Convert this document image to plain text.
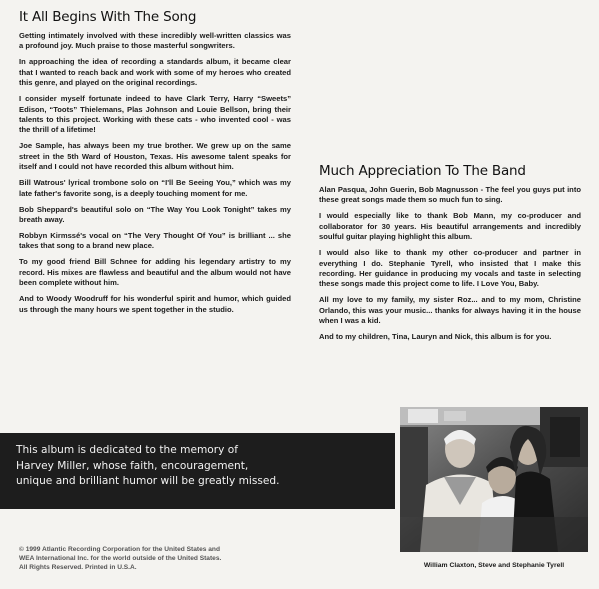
It All Begins With The Song

Getting intimately involved with these incredibly well-written classics was a profound joy. Much praise to those masterful songwriters.

In approaching the idea of recording a standards album, it became clear that I wanted to reach back and work with some of my heroes who created this genre, and played on the original recordings.

I consider myself fortunate indeed to have Clark Terry, Harry “Sweets” Edison, “Toots” Thielemans, Plas Johnson and Louie Bellson, bring their talents to this project. Working with these cats - who invented cool - was the thrill of a lifetime!

Joe Sample, has always been my true brother. We grew up on the same street in the 5th Ward of Houston, Texas. His awesome talent speaks for itself and I could not have recorded this album without him.

Bill Watrous' lyrical trombone solo on “I'll Be Seeing You,” which was my late father's favorite song, is a deeply touching moment for me.

Bob Sheppard's beautiful solo on “The Way You Look Tonight” takes my breath away.

Robbyn Kirmssé's vocal on “The Very Thought Of You” is brilliant ... she takes that song to a brand new place.

To my good friend Bill Schnee for adding his legendary artistry to my record. His mixes are flawless and beautiful and the album would not have been complete without him.

And to Woody Woodruff for his wonderful spirit and humor, which guided us through the many hours we spent together in the studio.

Much Appreciation To The Band

Alan Pasqua, John Guerin, Bob Magnusson - The feel you guys put into these great songs made them so much fun to sing.

I would especially like to thank Bob Mann, my co-producer and collaborator for 30 years. His beautiful arrangements and incredibly soulful guitar playing highlight this album.

I would also like to thank my other co-producer and partner in everything I do. Stephanie Tyrell, who insisted that I make this recording. Her guidance in producing my vocals and taste in selecting these songs made this project come to life. I Love You, Baby.

All my love to my family, my sister Roz... and to my mom, Christine Orlando, this was your music... thanks for always having it in the house when I was a kid.

And to my children, Tina, Lauryn and Nick, this album is for you.

This album is dedicated to the memory of
Harvey Miller, whose faith, encouragement,
unique and brilliant humor will be greatly missed.
© 1999 Atlantic Recording Corporation for the United States and
WEA International Inc. for the world outside of the United States.
All Rights Reserved. Printed in U.S.A.	William Claxton, Steve and Stephanie Tyrell
